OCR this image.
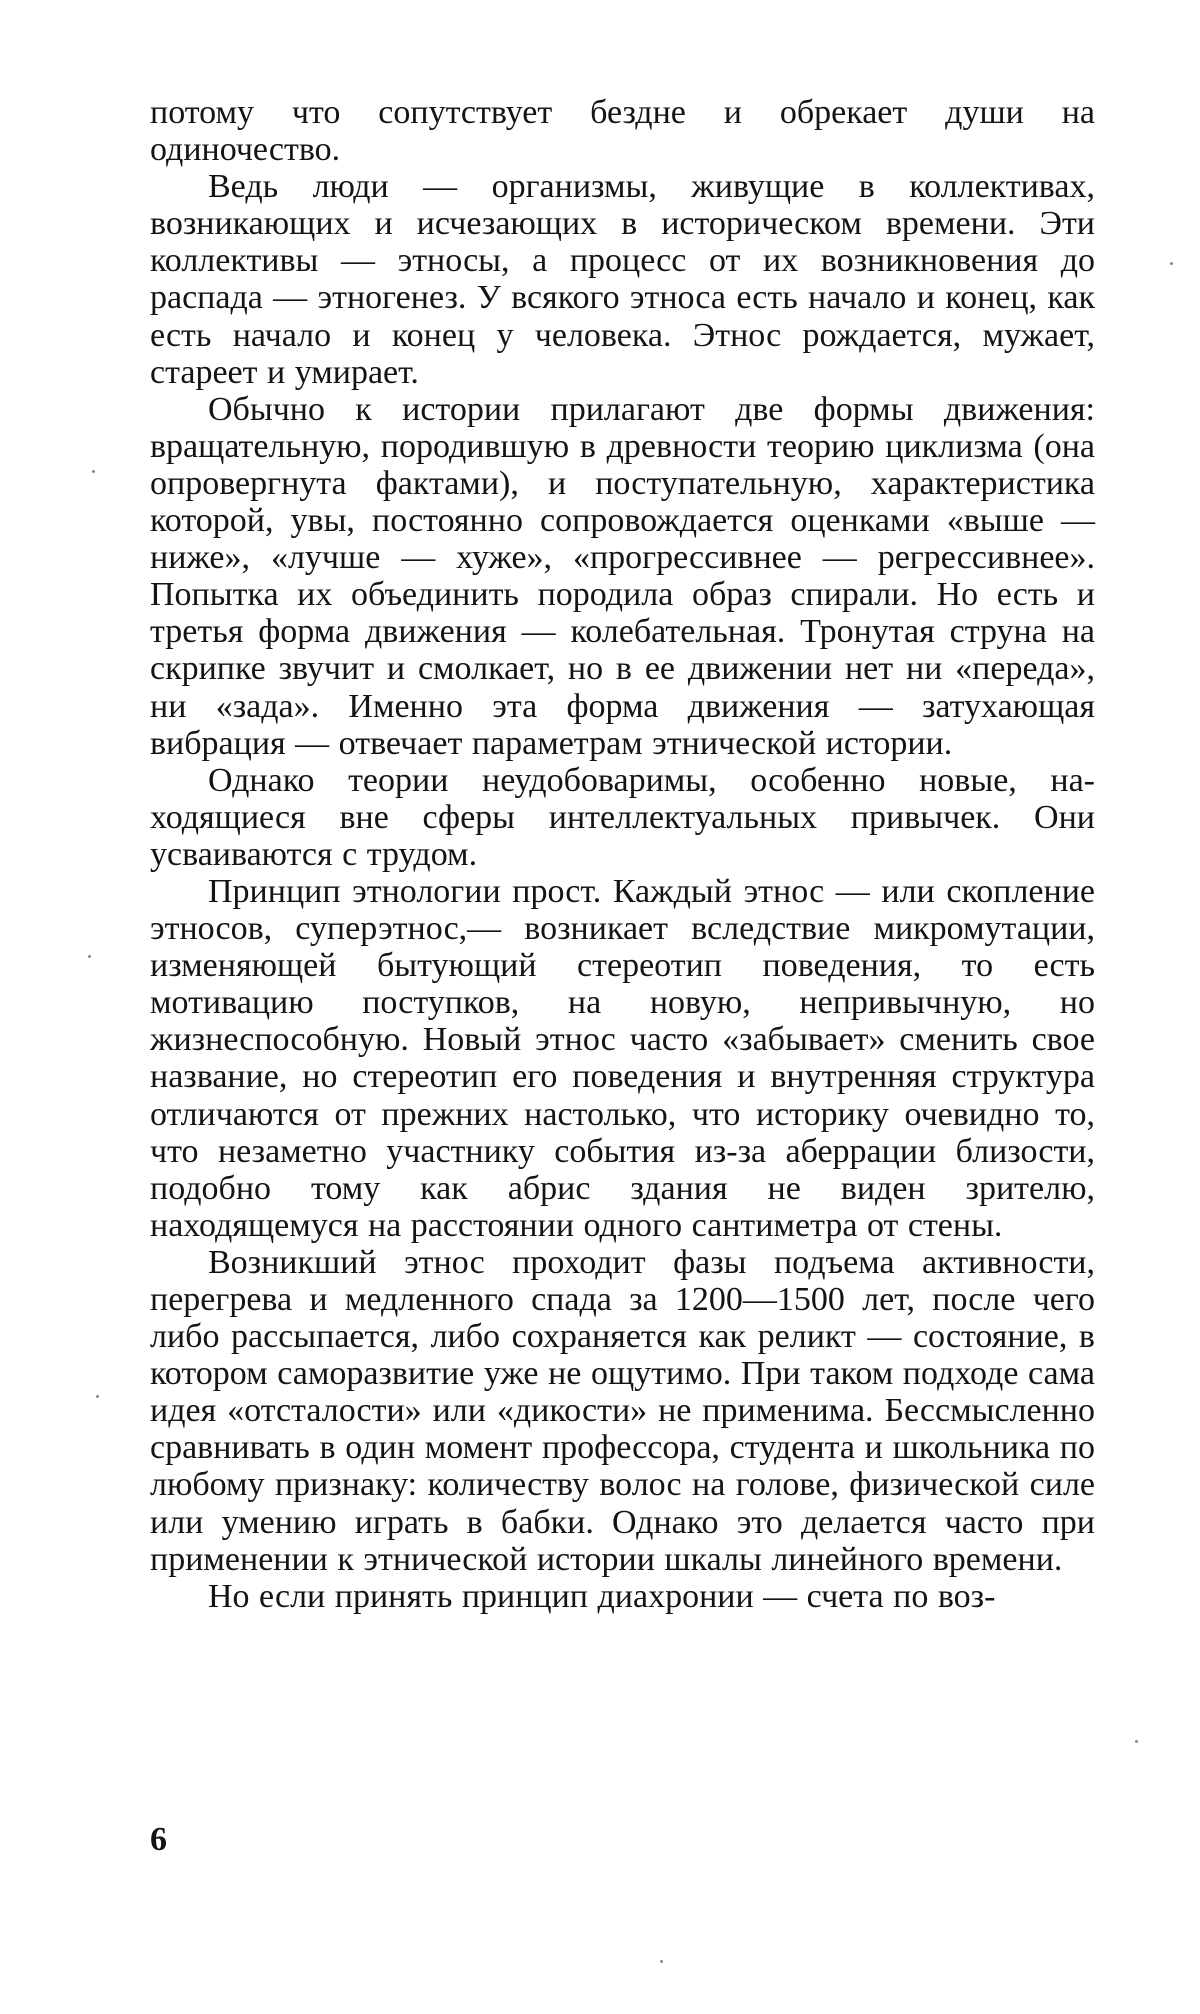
потому что сопутствует бездне и обрекает души на одиночество.

Ведь люди — организмы, живущие в коллективах, возникающих и исчезающих в историческом времени. Эти коллективы — этносы, а процесс от их возникновения до распада — этногенез. У всякого этноса есть начало и конец, как есть начало и конец у человека. Этнос рождается, мужает, стареет и умирает.

Обычно к истории прилагают две формы движения: вращательную, породившую в древности теорию циклизма (она опровергнута фактами), и поступательную, характеристика которой, увы, постоянно сопровождается оценками «выше — ниже», «лучше — хуже», «прогрессивнее — регрессивнее». Попытка их объединить породила образ спирали. Но есть и третья форма движения — колебательная. Тронутая струна на скрипке звучит и смолкает, но в ее движении нет ни «переда», ни «зада». Именно эта форма движения — затухающая вибрация — отвечает параметрам этнической истории.

Однако теории неудобоваримы, особенно новые, находящиеся вне сферы интеллектуальных привычек. Они усваиваются с трудом.

Принцип этнологии прост. Каждый этнос — или скопление этносов, суперэтнос,— возникает вследствие микромутации, изменяющей бытующий стереотип поведения, то есть мотивацию поступков, на новую, непривычную, но жизнеспособную. Новый этнос часто «забывает» сменить свое название, но стереотип его поведения и внутренняя структура отличаются от прежних настолько, что историку очевидно то, что незаметно участнику события из-за аберрации близости, подобно тому как абрис здания не виден зрителю, находящемуся на расстоянии одного сантиметра от стены.

Возникший этнос проходит фазы подъема активности, перегрева и медленного спада за 1200—1500 лет, после чего либо рассыпается, либо сохраняется как реликт — состояние, в котором саморазвитие уже не ощутимо. При таком подходе сама идея «отсталости» или «дикости» не применима. Бессмысленно сравнивать в один момент профессора, студента и школьника по любому признаку: количеству волос на голове, физической силе или умению играть в бабки. Однако это делается часто при применении к этнической истории шкалы линейного времени.

Но если принять принцип диахронии — счета по воз-

6
